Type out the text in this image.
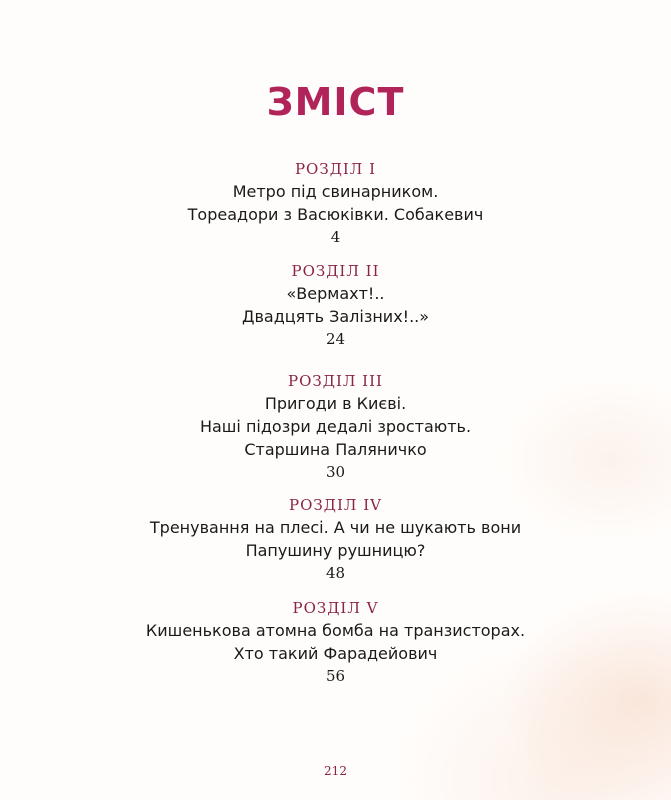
ЗМІСТ
РОЗДІЛ І
Метро під свинарником.
Тореадори з Васюківки. Собакевич
4
РОЗДІЛ ІІ
«Вермахт!..
Двадцять Залізних!..»
24
РОЗДІЛ ІІІ
Пригоди в Києві.
Наші підозри дедалі зростають.
Старшина Паляничко
30
РОЗДІЛ ІV
Тренування на плесі. А чи не шукають вони
Папушину рушницю?
48
РОЗДІЛ V
Кишенькова атомна бомба на транзисторах.
Хто такий Фарадейович
56
212
